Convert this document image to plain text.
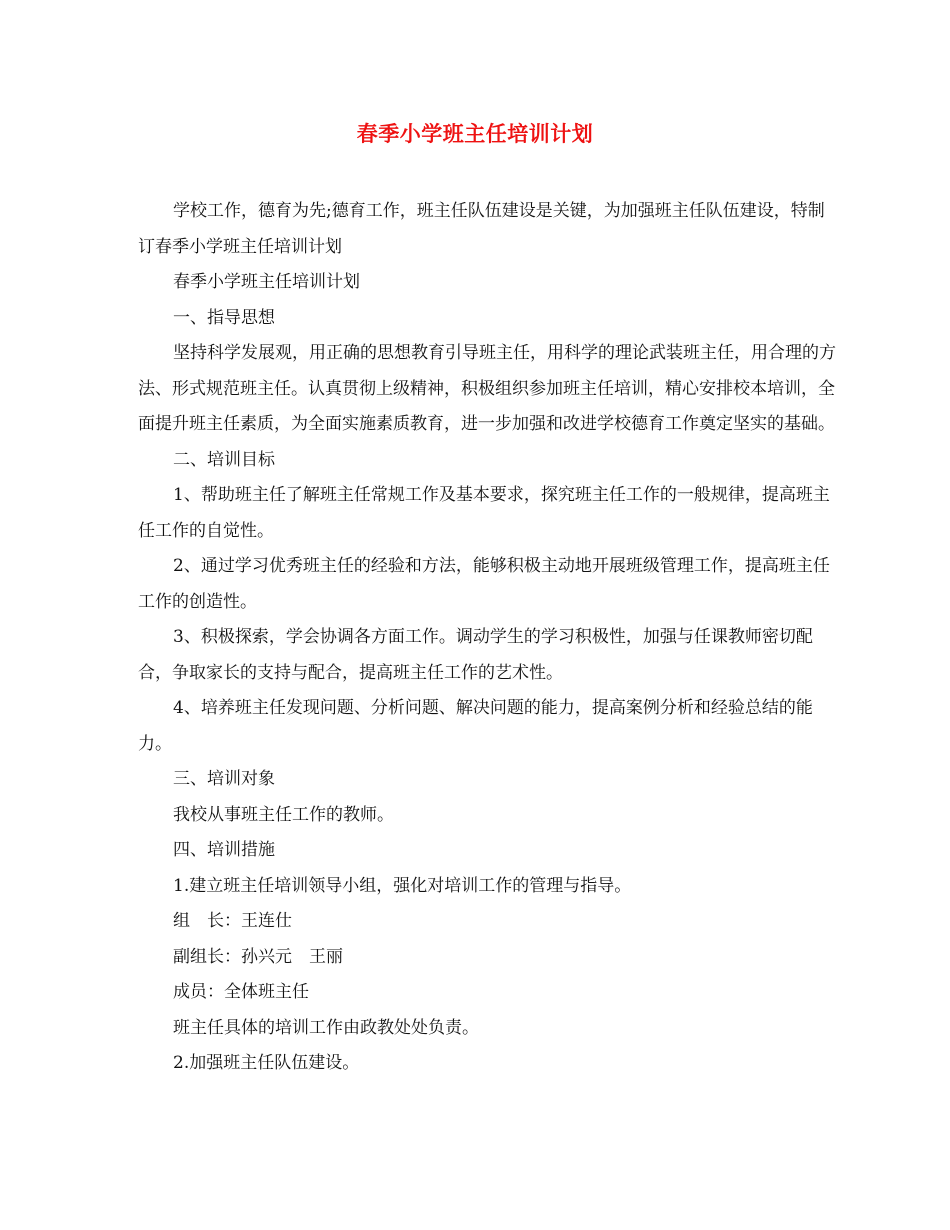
春季小学班主任培训计划

学校工作，德育为先;德育工作，班主任队伍建设是关键，为加强班主任队伍建设，特制订春季小学班主任培训计划

春季小学班主任培训计划

一、指导思想

坚持科学发展观，用正确的思想教育引导班主任，用科学的理论武装班主任，用合理的方法、形式规范班主任。认真贯彻上级精神，积极组织参加班主任培训，精心安排校本培训，全面提升班主任素质，为全面实施素质教育，进一步加强和改进学校德育工作奠定坚实的基础。

二、培训目标

1、帮助班主任了解班主任常规工作及基本要求，探究班主任工作的一般规律，提高班主任工作的自觉性。

2、通过学习优秀班主任的经验和方法，能够积极主动地开展班级管理工作，提高班主任工作的创造性。

3、积极探索，学会协调各方面工作。调动学生的学习积极性，加强与任课教师密切配合，争取家长的支持与配合，提高班主任工作的艺术性。

4、培养班主任发现问题、分析问题、解决问题的能力，提高案例分析和经验总结的能力。

三、培训对象

我校从事班主任工作的教师。

四、培训措施

1.建立班主任培训领导小组，强化对培训工作的管理与指导。

组　长：王连仕

副组长：孙兴元　王丽

成员：全体班主任

班主任具体的培训工作由政教处处负责。

2.加强班主任队伍建设。
